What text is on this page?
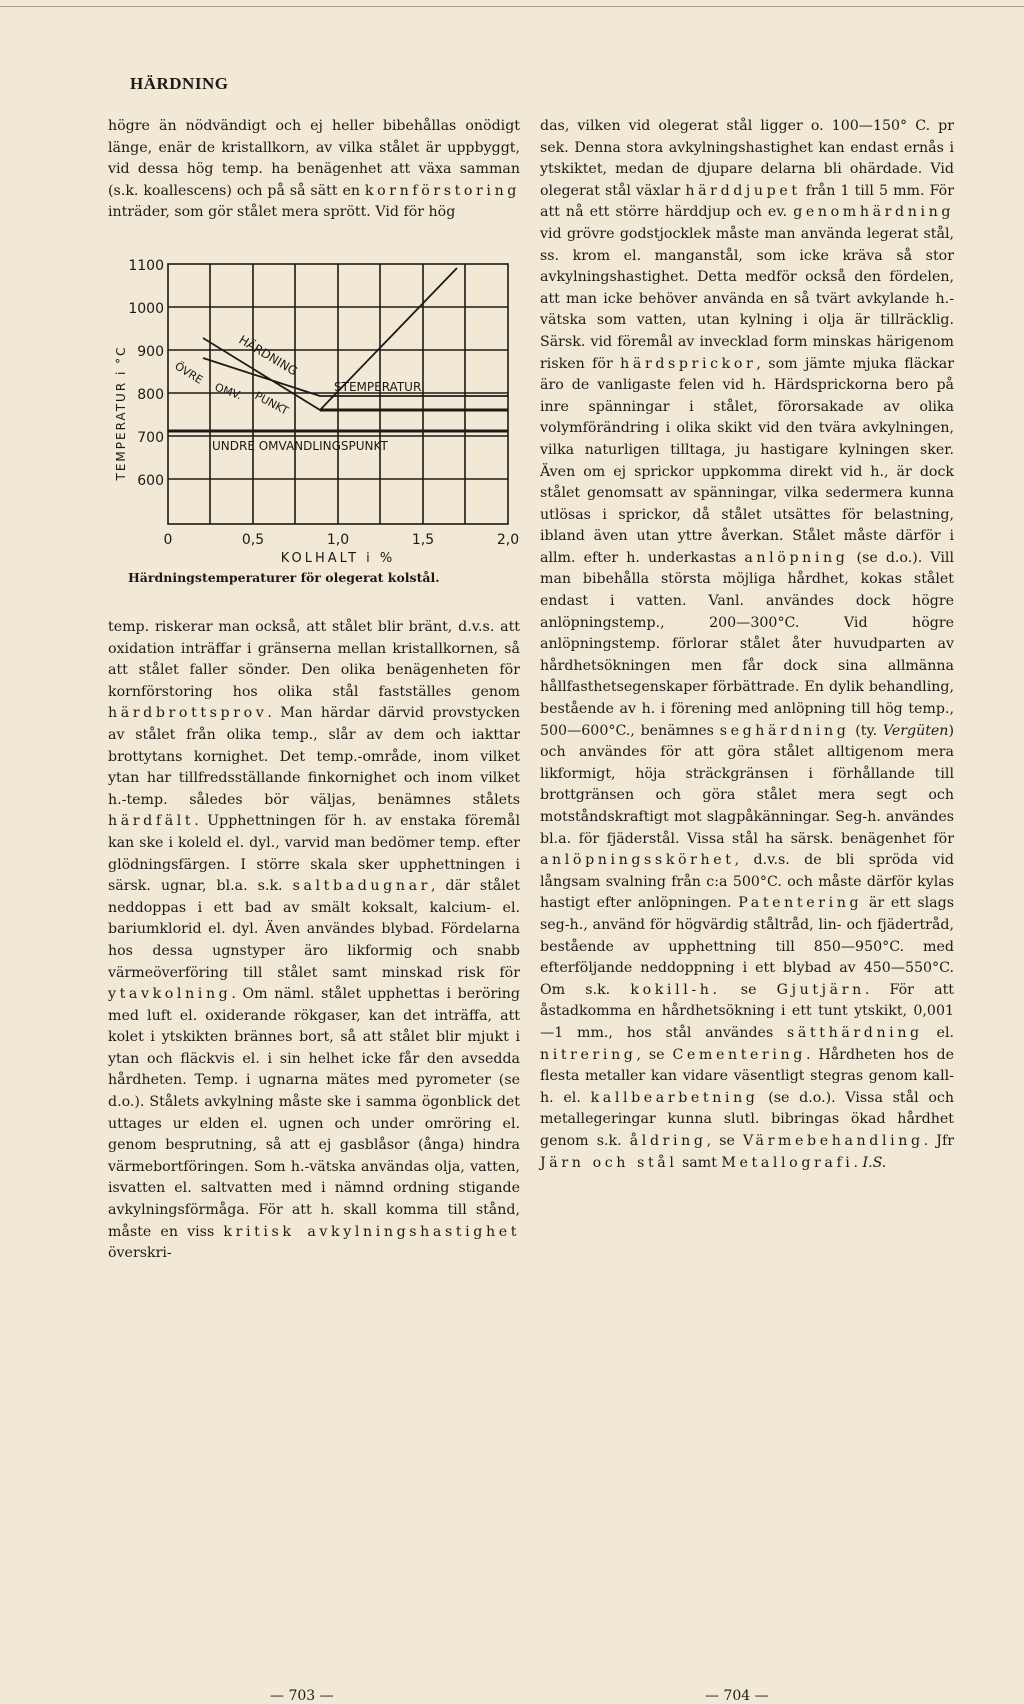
HÄRDNING

högre än nödvändigt och ej heller bibehållas onödigt länge, enär de kristallkorn, av vilka stålet är uppbyggt, vid dessa hög temp. ha benägenhet att växa samman (s.k. koallescens) och på så sätt en kornförstoring inträder, som gör stålet mera sprött. Vid för hög

1100
1000
900
800
700
600
0	0,5	1,0	1,5	2,0
KOLHALT i %
TEMPERATUR i °C	ÖVRE
OMV. PUNKT
HÄRDNING
STEMPERATUR
UNDRE OMVANDLINGSPUNKT
Härdningstemperaturer för olegerat kolstål.

temp. riskerar man också, att stålet blir bränt, d.v.s. att oxidation inträffar i gränserna mellan kristallkornen, så att stålet faller sönder. Den olika benägenheten för kornförstoring hos olika stål fastställes genom härdbrottsprov. Man härdar därvid provstycken av stålet från olika temp., slår av dem och iakttar brottytans kornighet. Det temp.-område, inom vilket ytan har tillfredsställande finkornighet och inom vilket h.-temp. således bör väljas, benämnes stålets härdfält. Upphettningen för h. av enstaka föremål kan ske i koleld el. dyl., varvid man bedömer temp. efter glödningsfärgen. I större skala sker upphettningen i särsk. ugnar, bl.a. s.k. saltbadugnar, där stålet neddoppas i ett bad av smält koksalt, kalcium- el. bariumklorid el. dyl. Även användes blybad. Fördelarna hos dessa ugnstyper äro likformig och snabb värmeöverföring till stålet samt minskad risk för ytavkolning. Om näml. stålet upphettas i beröring med luft el. oxiderande rökgaser, kan det inträffa, att kolet i ytskikten brännes bort, så att stålet blir mjukt i ytan och fläckvis el. i sin helhet icke får den avsedda hårdheten. Temp. i ugnarna mätes med pyrometer (se d.o.). Stålets avkylning måste ske i samma ögonblick det uttages ur elden el. ugnen och under omröring el. genom besprutning, så att ej gasblåsor (ånga) hindra värmebortföringen. Som h.-vätska användas olja, vatten, isvatten el. saltvatten med i nämnd ordning stigande avkylningsförmåga. För att h. skall komma till stånd, måste en viss kritisk avkylningshastighet överskri-

das, vilken vid olegerat stål ligger o. 100—150° C. pr sek. Denna stora avkylningshastighet kan endast ernås i ytskiktet, medan de djupare delarna bli ohärdade. Vid olegerat stål växlar härddjupet från 1 till 5 mm. För att nå ett större härddjup och ev. genomhärdning vid grövre godstjocklek måste man använda legerat stål, ss. krom el. manganstål, som icke kräva så stor avkylningshastighet. Detta medför också den fördelen, att man icke behöver använda en så tvärt avkylande h.-vätska som vatten, utan kylning i olja är tillräcklig. Särsk. vid föremål av invecklad form minskas härigenom risken för härdsprickor, som jämte mjuka fläckar äro de vanligaste felen vid h. Härdsprickorna bero på inre spänningar i stålet, förorsakade av olika volymförändring i olika skikt vid den tvära avkylningen, vilka naturligen tilltaga, ju hastigare kylningen sker. Även om ej sprickor uppkomma direkt vid h., är dock stålet genomsatt av spänningar, vilka sedermera kunna utlösas i sprickor, då stålet utsättes för belastning, ibland även utan yttre åverkan. Stålet måste därför i allm. efter h. underkastas anlöpning (se d.o.). Vill man bibehålla största möjliga hårdhet, kokas stålet endast i vatten. Vanl. användes dock högre anlöpningstemp., 200—300°C. Vid högre anlöpningstemp. förlorar stålet åter huvudparten av hårdhetsökningen men får dock sina allmänna hållfasthetsegenskaper förbättrade. En dylik behandling, bestående av h. i förening med anlöpning till hög temp., 500—600°C., benämnes seghärdning (ty. Vergüten) och användes för att göra stålet alltigenom mera likformigt, höja sträckgränsen i förhållande till brottgränsen och göra stålet mera segt och motståndskraftigt mot slagpåkänningar. Seg-h. användes bl.a. för fjäderstål. Vissa stål ha särsk. benägenhet för anlöpningsskörhet, d.v.s. de bli spröda vid långsam svalning från c:a 500°C. och måste därför kylas hastigt efter anlöpningen. Patentering är ett slags seg-h., använd för högvärdig ståltråd, lin- och fjädertråd, bestående av upphettning till 850—950°C. med efterföljande neddoppning i ett blybad av 450—550°C. Om s.k. kokill-h. se Gjutjärn. För att åstadkomma en hårdhetsökning i ett tunt ytskikt, 0,001—1 mm., hos stål användes sätthärdning el. nitrering, se Cementering. Hårdheten hos de flesta metaller kan vidare väsentligt stegras genom kall-h. el. kallbearbetning (se d.o.). Vissa stål och metallegeringar kunna slutl. bibringas ökad hårdhet genom s.k. åldring, se Värmebehandling. Jfr Järn och stål samt Metallografi. I.S.

— 703 —	— 704 —
